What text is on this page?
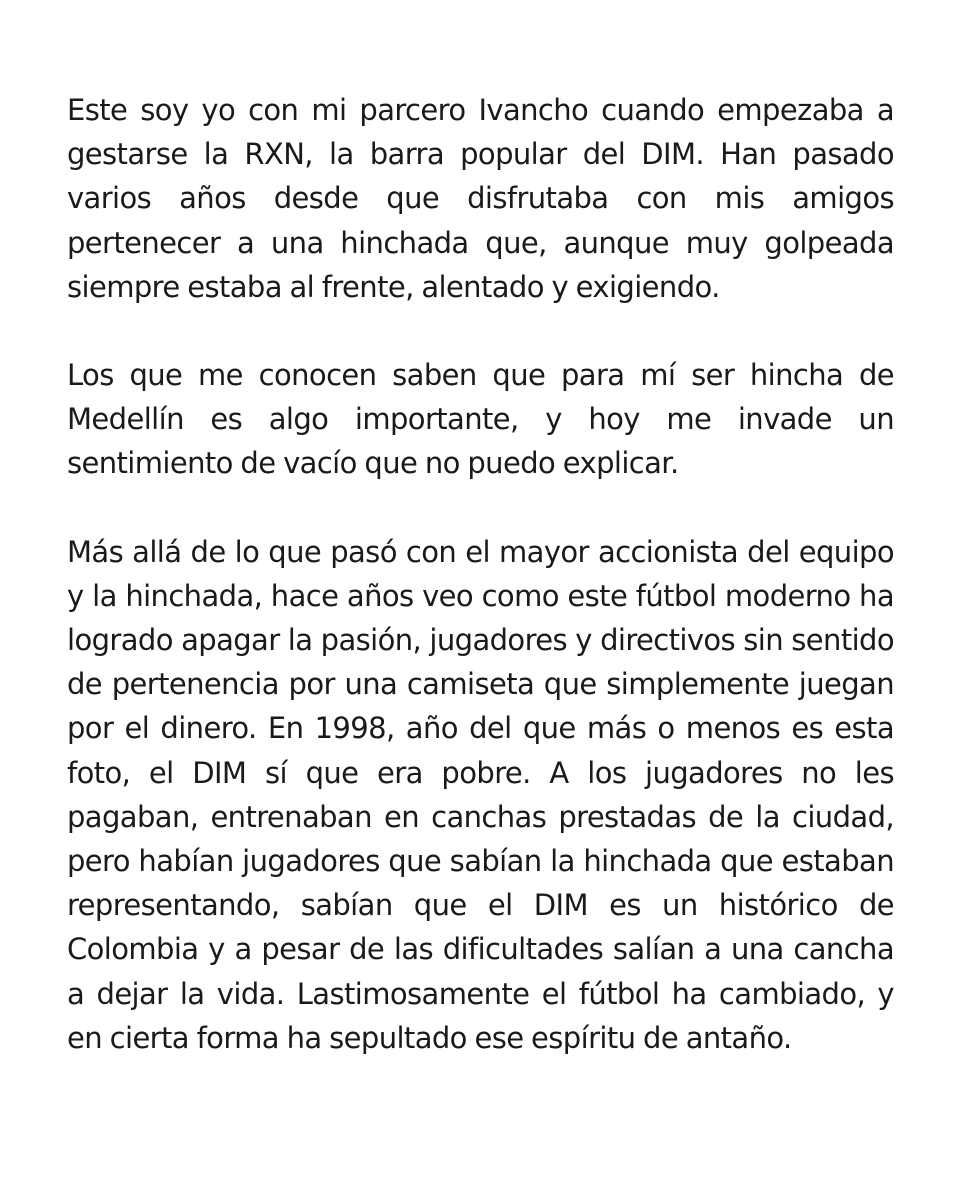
Este soy yo con mi parcero Ivancho cuando empezaba a gestarse la RXN, la barra popular del DIM. Han pasado varios años desde que disfrutaba con mis amigos pertenecer a una hinchada que, aunque muy golpeada siempre estaba al frente, alentado y exigiendo.

Los que me conocen saben que para mí ser hincha de Medellín es algo importante, y hoy me invade un sentimiento de vacío que no puedo explicar.

Más allá de lo que pasó con el mayor accionista del equipo y la hinchada, hace años veo como este fútbol moderno ha logrado apagar la pasión, jugadores y directivos sin sentido de pertenencia por una camiseta que simplemente juegan por el dinero. En 1998, año del que más o menos es esta foto, el DIM sí que era pobre. A los jugadores no les pagaban, entrenaban en canchas prestadas de la ciudad, pero habían jugadores que sabían la hinchada que estaban representando, sabían que el DIM es un histórico de Colombia y a pesar de las dificultades salían a una cancha a dejar la vida. Lastimosamente el fútbol ha cambiado, y en cierta forma ha sepultado ese espíritu de antaño.
